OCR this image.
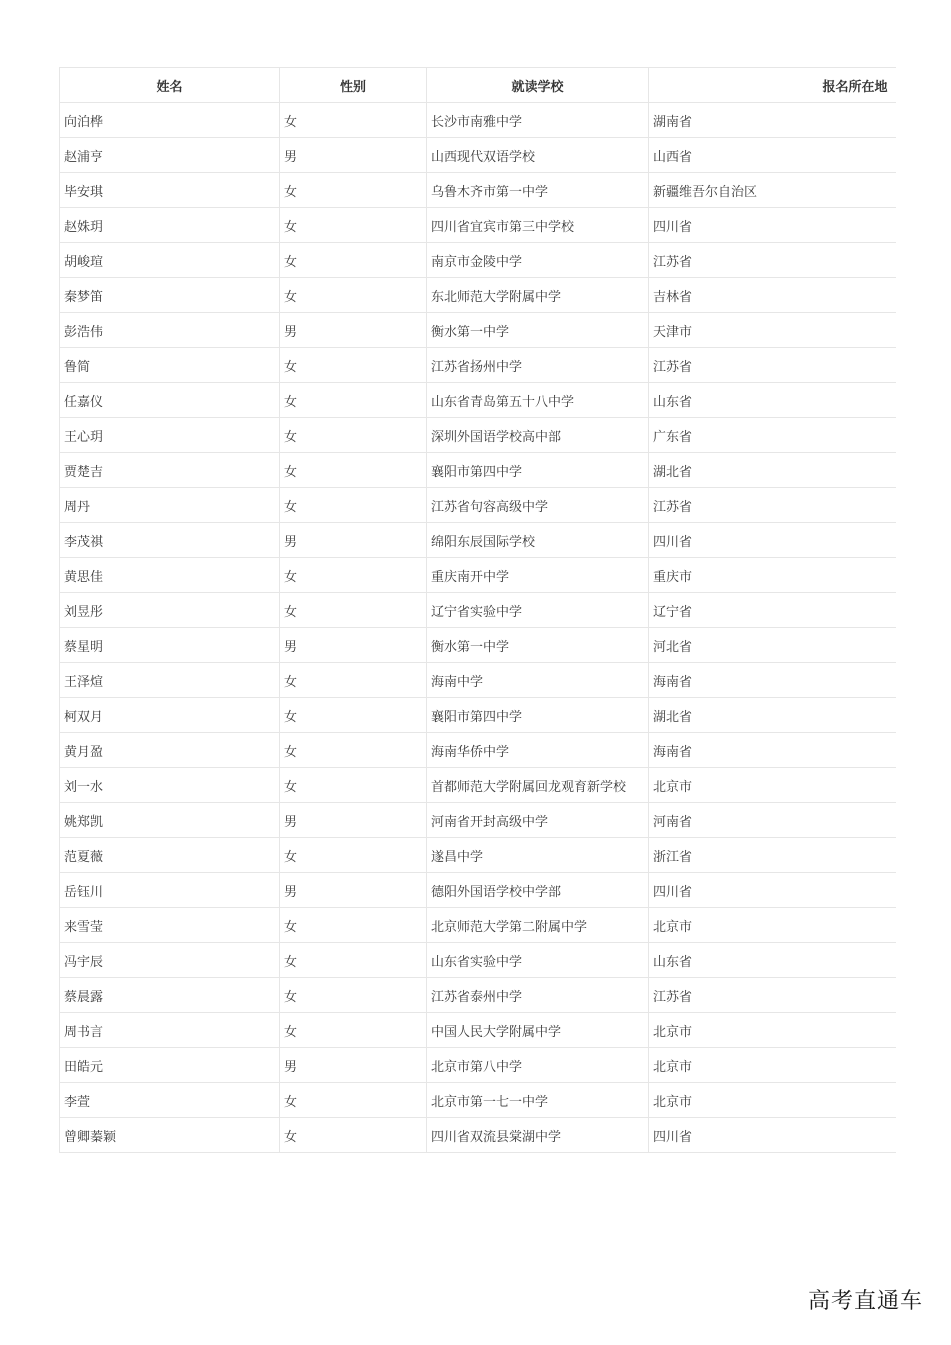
姓名	性别	就读学校	报名所在地
向泊桦	女	长沙市南雅中学	湖南省
赵浦亨	男	山西现代双语学校	山西省
毕安琪	女	乌鲁木齐市第一中学	新疆维吾尔自治区
赵姝玥	女	四川省宜宾市第三中学校	四川省
胡峻瑄	女	南京市金陵中学	江苏省
秦梦笛	女	东北师范大学附属中学	吉林省
彭浩伟	男	衡水第一中学	天津市
鲁简	女	江苏省扬州中学	江苏省
任嘉仪	女	山东省青岛第五十八中学	山东省
王心玥	女	深圳外国语学校高中部	广东省
贾楚吉	女	襄阳市第四中学	湖北省
周丹	女	江苏省句容高级中学	江苏省
李茂祺	男	绵阳东辰国际学校	四川省
黄思佳	女	重庆南开中学	重庆市
刘昱彤	女	辽宁省实验中学	辽宁省
蔡星明	男	衡水第一中学	河北省
王泽煊	女	海南中学	海南省
柯双月	女	襄阳市第四中学	湖北省
黄月盈	女	海南华侨中学	海南省
刘一水	女	首都师范大学附属回龙观育新学校	北京市
姚郑凯	男	河南省开封高级中学	河南省
范夏薇	女	遂昌中学	浙江省
岳钰川	男	德阳外国语学校中学部	四川省
来雪莹	女	北京师范大学第二附属中学	北京市
冯宇辰	女	山东省实验中学	山东省
蔡晨露	女	江苏省泰州中学	江苏省
周书言	女	中国人民大学附属中学	北京市
田皓元	男	北京市第八中学	北京市
李萱	女	北京市第一七一中学	北京市
曾卿蓁颖	女	四川省双流县棠湖中学	四川省
高考直通车
